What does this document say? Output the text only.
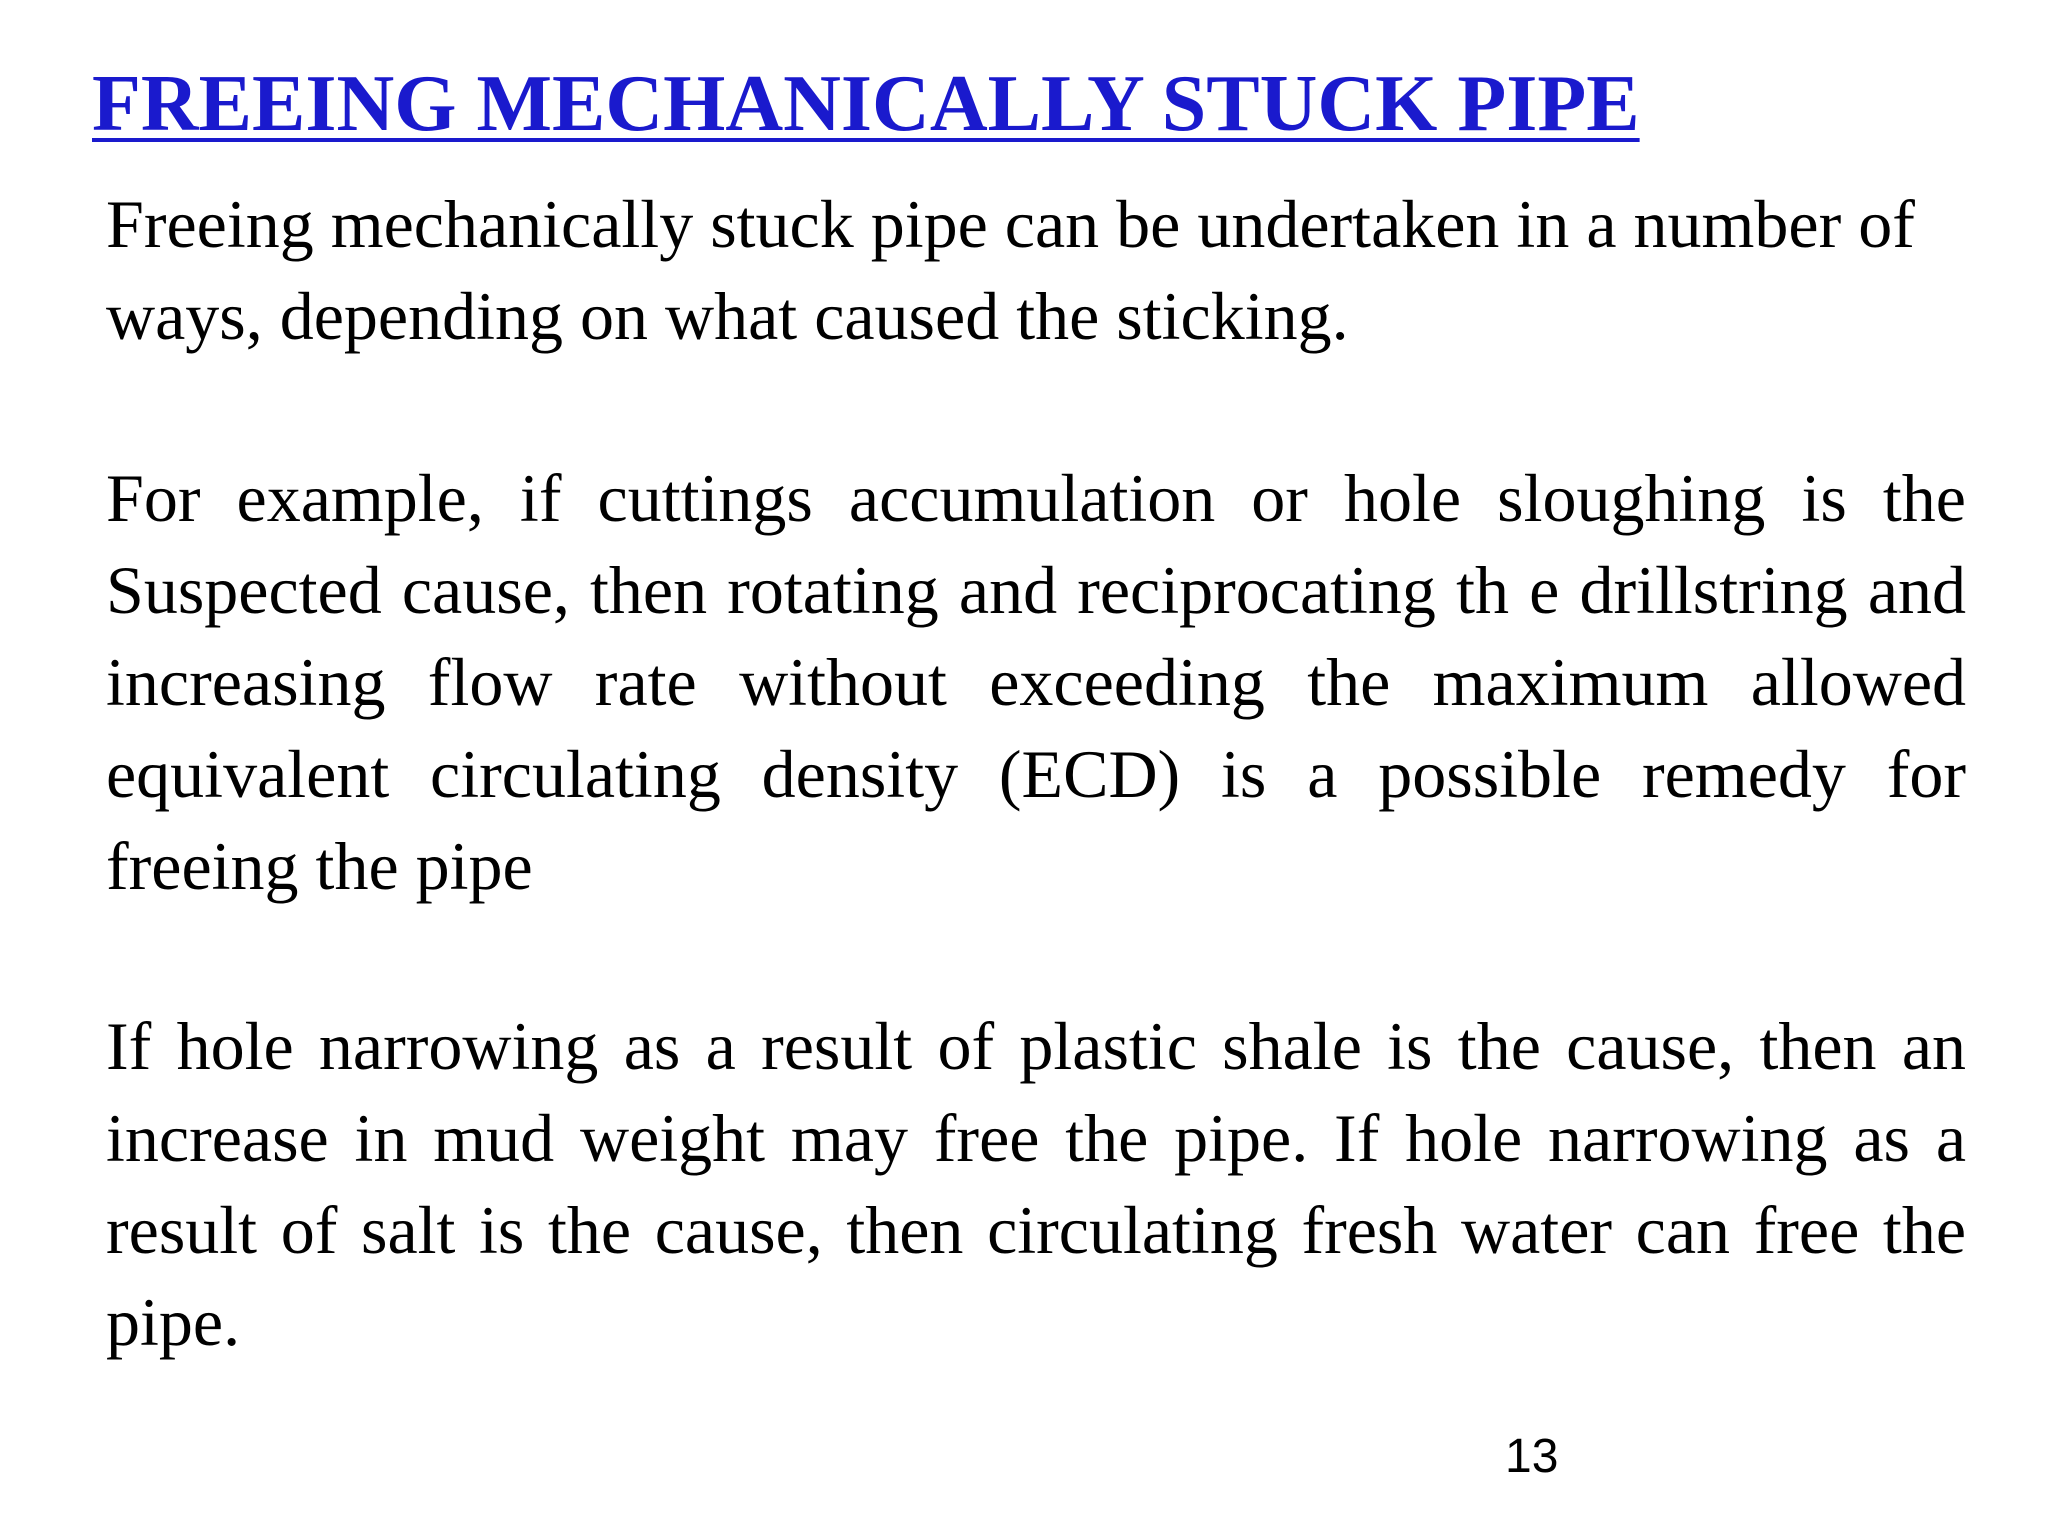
FREEING MECHANICALLY STUCK PIPE

Freeing mechanically stuck pipe can be undertaken in a number of ways, depending on what caused the sticking.

For example, if cuttings accumulation or hole sloughing is the Suspected cause, then rotating and reciprocating th e drillstring and increasing flow rate without exceeding the maximum allowed equivalent circulating density (ECD) is a possible remedy for freeing the pipe

If hole narrowing as a result of plastic shale is the cause, then an increase in mud weight may free the pipe. If hole narrowing as a result of salt is the cause, then circulating fresh water can free the pipe.

13
